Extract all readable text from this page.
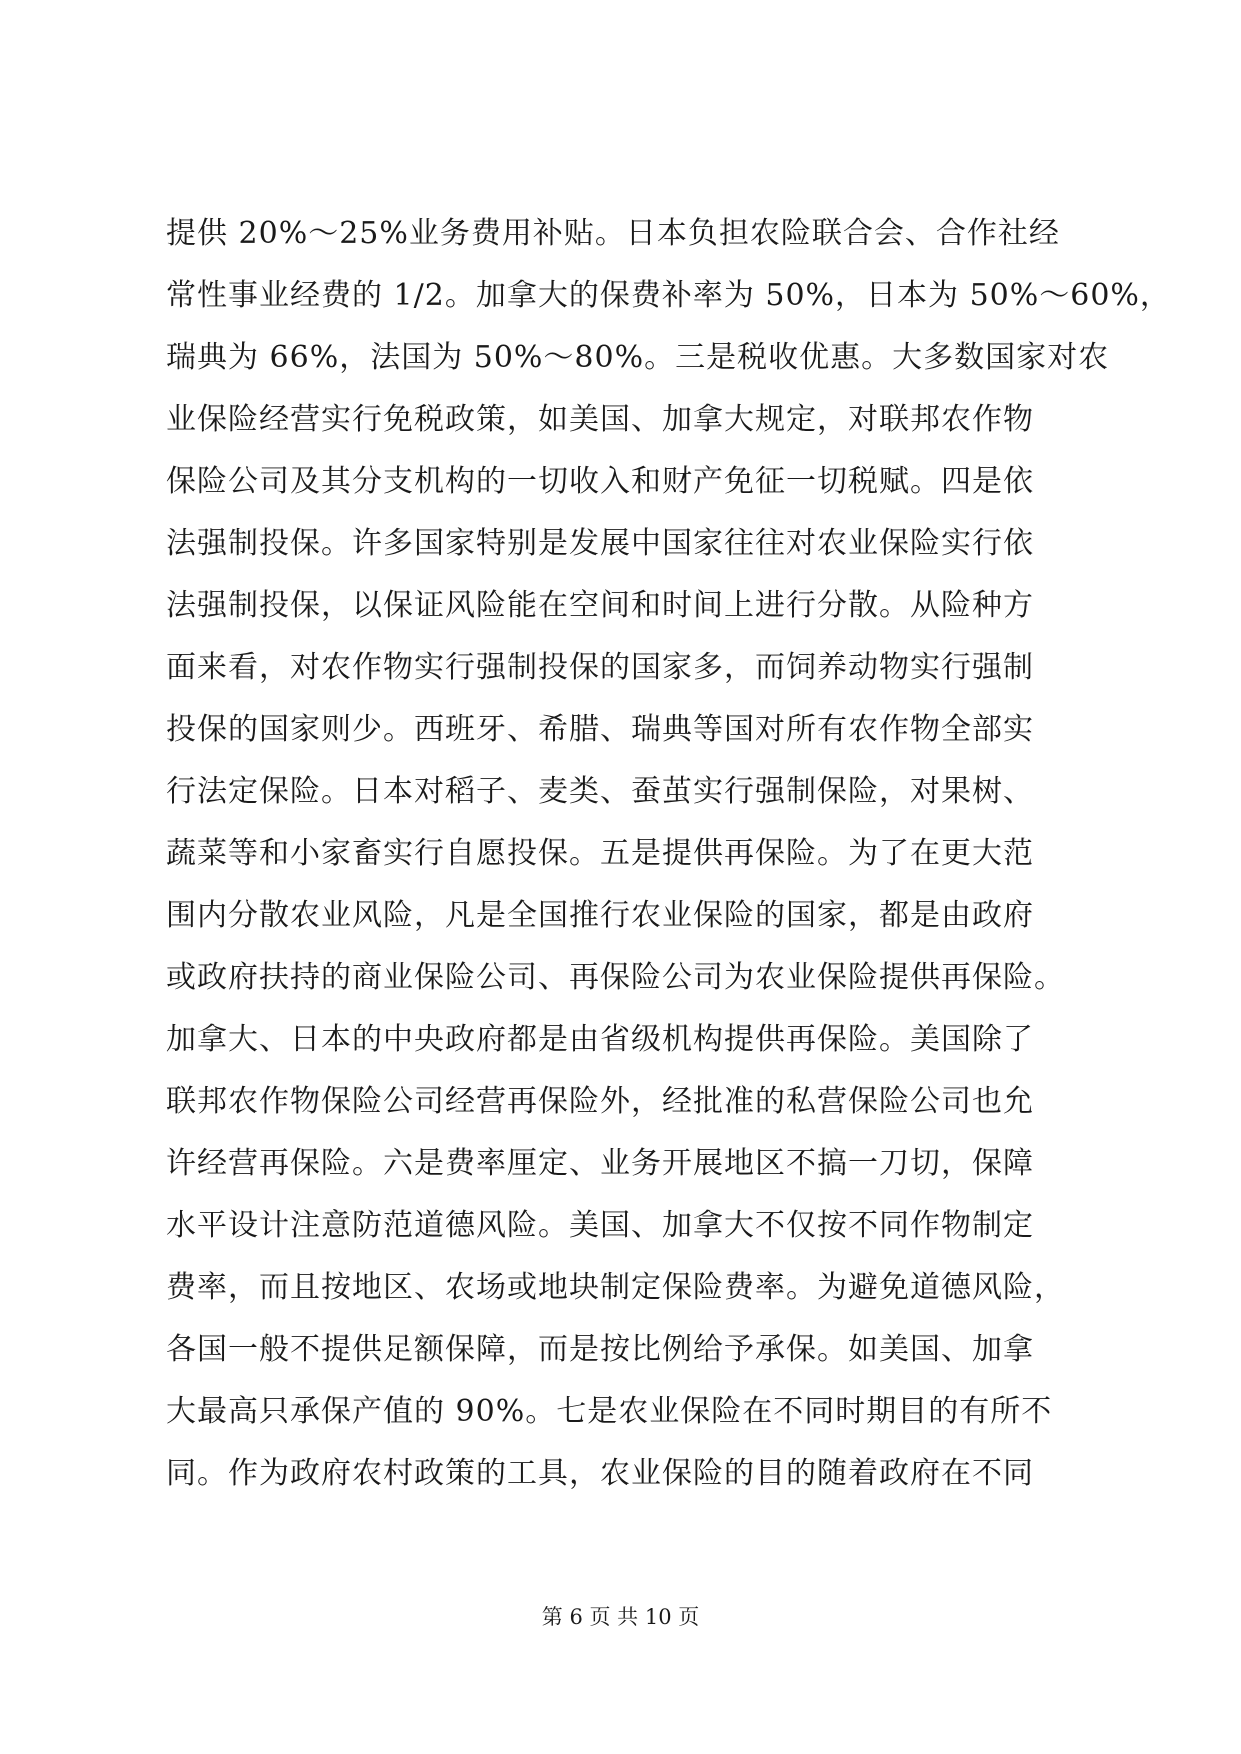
提供 20%～25%业务费用补贴。日本负担农险联合会、合作社经
常性事业经费的 1/2。加拿大的保费补率为 50%，日本为 50%～60%，
瑞典为 66%，法国为 50%～80%。三是税收优惠。大多数国家对农
业保险经营实行免税政策，如美国、加拿大规定，对联邦农作物
保险公司及其分支机构的一切收入和财产免征一切税赋。四是依
法强制投保。许多国家特别是发展中国家往往对农业保险实行依
法强制投保，以保证风险能在空间和时间上进行分散。从险种方
面来看，对农作物实行强制投保的国家多，而饲养动物实行强制
投保的国家则少。西班牙、希腊、瑞典等国对所有农作物全部实
行法定保险。日本对稻子、麦类、蚕茧实行强制保险，对果树、
蔬菜等和小家畜实行自愿投保。五是提供再保险。为了在更大范
围内分散农业风险，凡是全国推行农业保险的国家，都是由政府
或政府扶持的商业保险公司、再保险公司为农业保险提供再保险。
加拿大、日本的中央政府都是由省级机构提供再保险。美国除了
联邦农作物保险公司经营再保险外，经批准的私营保险公司也允
许经营再保险。六是费率厘定、业务开展地区不搞一刀切，保障
水平设计注意防范道德风险。美国、加拿大不仅按不同作物制定
费率，而且按地区、农场或地块制定保险费率。为避免道德风险，
各国一般不提供足额保障，而是按比例给予承保。如美国、加拿
大最高只承保产值的 90%。七是农业保险在不同时期目的有所不
同。作为政府农村政策的工具，农业保险的目的随着政府在不同
第 6 页 共 10 页
